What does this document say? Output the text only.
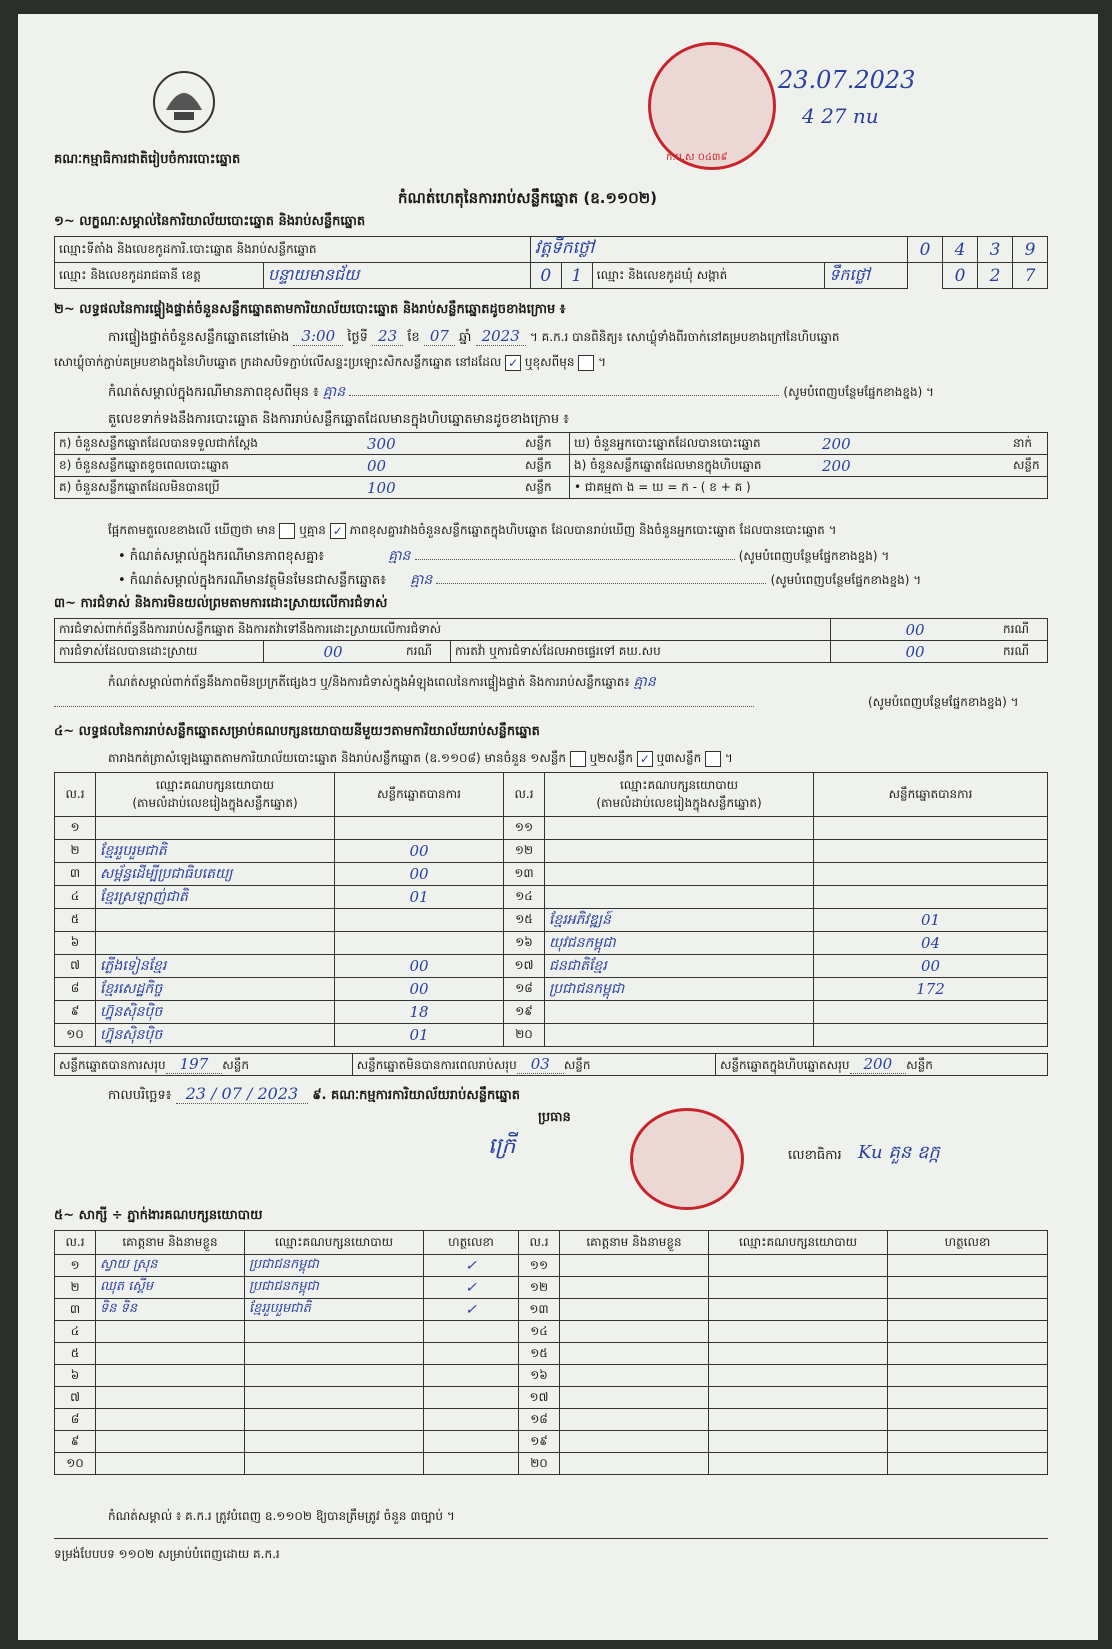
គណៈកម្មាធិការជាតិរៀបចំការបោះឆ្នោត	ក.ប.ស ០៤៣៩
23.07.2023
4 27 nu
កំណត់ហេតុនៃការរាប់សន្លឹកឆ្នោត (ឧ.១១០២)
១~ លក្ខណៈសម្គាល់នៃការិយាល័យបោះឆ្នោត និងរាប់សន្លឹកឆ្នោត
ឈ្មោះទីតាំង និងលេខកូដការិ.បោះឆ្នោត និងរាប់សន្លឹកឆ្នោត		វត្តទឹកថ្លៅ				0	4	3	9
ឈ្មោះ និងលេខកូដរាជធានី ខេត្ត	បន្ទាយមានជ័យ	0	1	ឈ្មោះ និងលេខកូដឃុំ សង្កាត់	ទឹកថ្លៅ		0	2	7
២~ លទ្ធផលនៃការផ្ទៀងផ្ទាត់ចំនួនសន្លឹកឆ្នោតតាមការិយាល័យបោះឆ្នោត និងរាប់សន្លឹកឆ្នោតដូចខាងក្រោម ៖
ការផ្ទៀងផ្ទាត់ចំនួនសន្លឹកឆ្នោតនៅម៉ោង 3:00 ថ្ងៃទី 23 ខែ 07 ឆ្នាំ 2023 ។ គ.ក.រ បានពិនិត្យ៖ សោឃ្លុំទាំងពីរចាក់នៅគម្របខាងក្រៅនៃហិបឆ្នោត
សោឃ្លុំចាក់ភ្ជាប់គម្របខាងក្នុងនៃហិបឆ្នោត ក្រដាសបិទភ្ជាប់លើសន្ទះប្រឡោះសិកសន្លឹកឆ្នោត នៅដដែល ✓ ឬខុសពីមុន  ។
កំណត់សម្គាល់ក្នុងករណីមានភាពខុសពីមុន ៖ គ្មាន	(សូមបំពេញបន្ថែមផ្នែកខាងខ្នង) ។
តួលេខទាក់ទងនឹងការបោះឆ្នោត និងការរាប់សន្លឹកឆ្នោតដែលមានក្នុងហិបឆ្នោតមានដូចខាងក្រោម ៖
ក) ចំនួនសន្លឹកឆ្នោតដែលបានទទួលជាក់ស្តែង	300	សន្លឹក	ឃ) ចំនួនអ្នកបោះឆ្នោតដែលបានបោះឆ្នោត	200	នាក់
ខ) ចំនួនសន្លឹកឆ្នោតខូចពេលបោះឆ្នោត	00	សន្លឹក	ង) ចំនួនសន្លឹកឆ្នោតដែលមានក្នុងហិបឆ្នោត	200	សន្លឹក
គ) ចំនួនសន្លឹកឆ្នោតដែលមិនបានប្រើ	100	សន្លឹក	• ជាគម្មតា ង = ឃ = ក - ( ខ + គ )		
ផ្អែកតាមតួលេខខាងលើ ឃើញថា មាន ឬគ្មាន ✓ ភាពខុសគ្នារវាងចំនួនសន្លឹកឆ្នោតក្នុងហិបឆ្នោត ដែលបានរាប់ឃើញ និងចំនួនអ្នកបោះឆ្នោត ដែលបានបោះឆ្នោត ។
• កំណត់សម្គាល់ក្នុងករណីមានភាពខុសគ្នា៖	គ្មាន	(សូមបំពេញបន្ថែមផ្នែកខាងខ្នង) ។
• កំណត់សម្គាល់ក្នុងករណីមានវត្ថុមិនមែនជាសន្លឹកឆ្នោត៖ គ្មាន	(សូមបំពេញបន្ថែមផ្នែកខាងខ្នង) ។
៣~ ការជំទាស់ និងការមិនយល់ព្រមតាមការដោះស្រាយលើការជំទាស់
ការជំទាស់ពាក់ព័ន្ធនឹងការរាប់សន្លឹកឆ្នោត និងការតវ៉ាទៅនឹងការដោះស្រាយលើការជំទាស់				00	ករណី
ការជំទាស់ដែលបានដោះស្រាយ	00	ករណី	ការតវ៉ា ឬការជំទាស់ដែលអាចផ្ទេរទៅ គឃ.សប	00	ករណី
កំណត់សម្គាល់ពាក់ព័ន្ធនឹងភាពមិនប្រក្រតីផ្សេងៗ ឬ/និងការជំទាស់ក្នុងអំឡុងពេលនៃការផ្ទៀងផ្ទាត់ និងការរាប់សន្លឹកឆ្នោត៖ គ្មាន
(សូមបំពេញបន្ថែមផ្នែកខាងខ្នង) ។
៤~ លទ្ធផលនៃការរាប់សន្លឹកឆ្នោតសម្រាប់គណបក្សនយោបាយនីមួយៗតាមការិយាល័យរាប់សន្លឹកឆ្នោត
តារាងកត់ត្រាសំឡេងឆ្នោតតាមការិយាល័យបោះឆ្នោត និងរាប់សន្លឹកឆ្នោត (ឧ.១១០៨) មានចំនួន ១សន្លឹក ឬ២សន្លឹក ✓ ឬ៣សន្លឹក  ។
ល.រ	ឈ្មោះគណបក្សនយោបាយ
(តាមលំដាប់លេខរៀងក្នុងសន្លឹកឆ្នោត)	សន្លឹកឆ្នោតបានការ	ល.រ	ឈ្មោះគណបក្សនយោបាយ
(តាមលំដាប់លេខរៀងក្នុងសន្លឹកឆ្នោត)	សន្លឹកឆ្នោតបានការ
១			១១		
២	ខ្មែររួបរួមជាតិ	00	១២		
៣	សម្ព័ន្ធដើម្បីប្រជាធិបតេយ្យ	00	១៣		
៤	ខ្មែរស្រឡាញ់ជាតិ	01	១៤		
៥			១៥	ខ្មែរអភិវឌ្ឍន៍	01
៦			១៦	យុវជនកម្ពុជា	04
៧	ភ្លើងទៀនខ្មែរ	00	១៧	ជនជាតិខ្មែរ	00
៨	ខ្មែរសេដ្ឋកិច្ច	00	១៨	ប្រជាជនកម្ពុជា	172
៩	ហ្វ៊ុនស៊ិនប៉ិច	18	១៩		
១០	ហ្វ៊ុនស៊ិនប៉ិច	01	២០		
សន្លឹកឆ្នោតបានការសរុប 197 សន្លឹក	សន្លឹកឆ្នោតមិនបានការពេលរាប់សរុប 03 សន្លឹក	សន្លឹកឆ្នោតក្នុងហិបឆ្នោតសរុប 200 សន្លឹក
កាលបរិច្ឆេទ៖ 23 / 07 / 2023 ៩. គណៈកម្មការការិយាល័យរាប់សន្លឹកឆ្នោត
ប្រធាន
ក្រើ	លេខាធិការ Ku គួន ឧក្ក
៥~ សាក្សី ÷ ភ្នាក់ងារគណបក្សនយោបាយ
ល.រ	គោត្តនាម និងនាមខ្លួន	ឈ្មោះគណបក្សនយោបាយ	ហត្ថលេខា	ល.រ	គោត្តនាម និងនាមខ្លួន	ឈ្មោះគណបក្សនយោបាយ	ហត្ថលេខា
១	ស្វាយ ស្រុន	ប្រជាជនកម្ពុជា	✓	១១			
២	ឈុត ស្តើម	ប្រជាជនកម្ពុជា	✓	១២			
៣	ទិន ទិន	ខ្មែររួបរួមជាតិ	✓	១៣			
៤				១៤			
៥				១៥			
៦				១៦			
៧				១៧			
៨				១៨			
៩				១៩			
១០				២០			
កំណត់សម្គាល់ ៖ គ.ក.រ ត្រូវបំពេញ ឧ.១១០២ ឱ្យបានត្រឹមត្រូវ ចំនួន ៣ច្បាប់ ។
ទម្រង់បែបបទ ១១០២ សម្រាប់បំពេញដោយ គ.ក.រ
